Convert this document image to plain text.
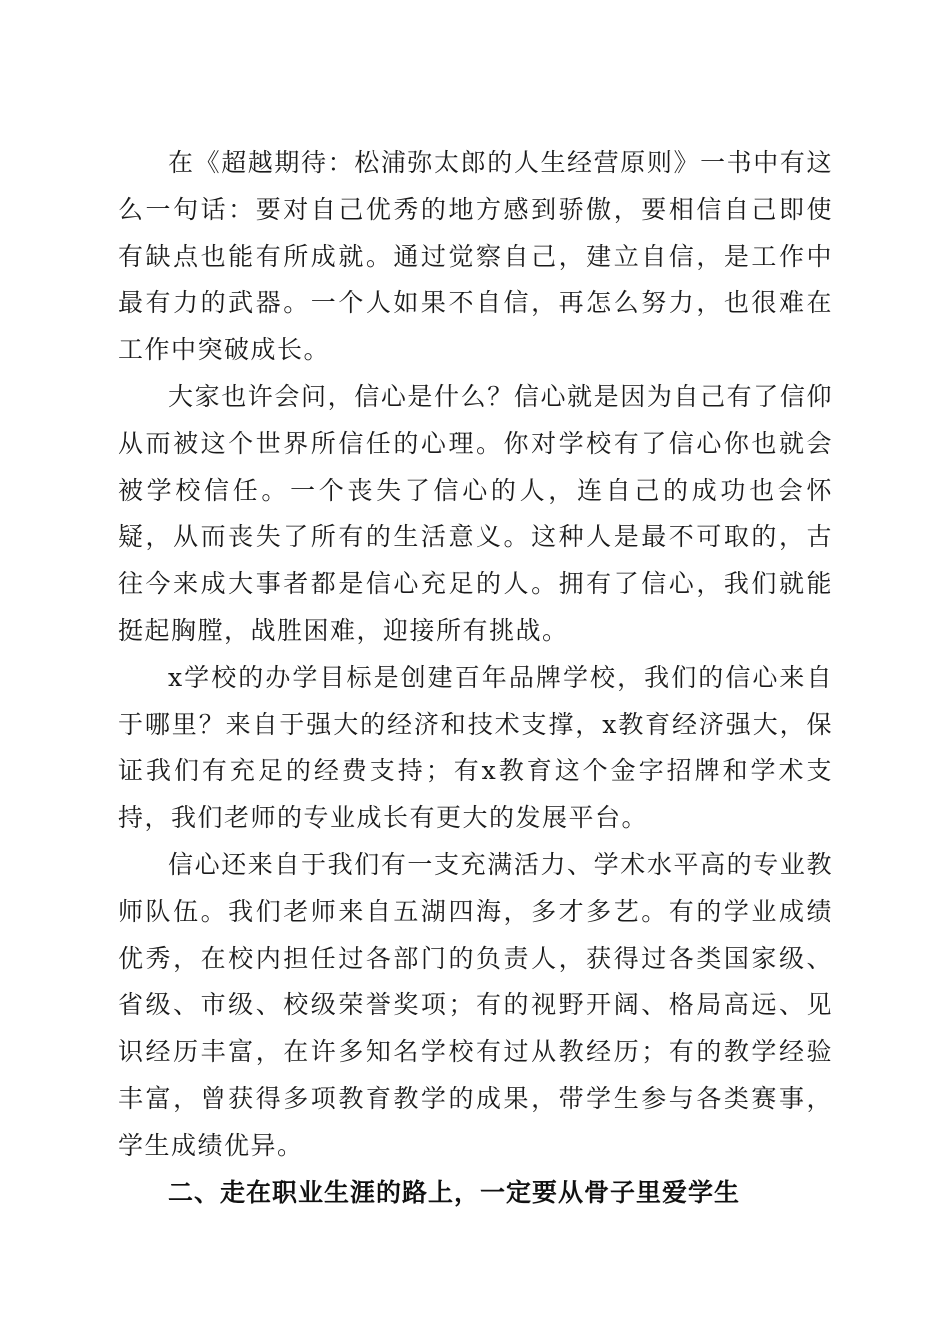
在《超越期待：松浦弥太郎的人生经营原则》一书中有这么一句话：要对自己优秀的地方感到骄傲，要相信自己即使有缺点也能有所成就。通过觉察自己，建立自信，是工作中最有力的武器。一个人如果不自信，再怎么努力，也很难在工作中突破成长。

大家也许会问，信心是什么？信心就是因为自己有了信仰从而被这个世界所信任的心理。你对学校有了信心你也就会被学校信任。一个丧失了信心的人，连自己的成功也会怀疑，从而丧失了所有的生活意义。这种人是最不可取的，古往今来成大事者都是信心充足的人。拥有了信心，我们就能挺起胸膛，战胜困难，迎接所有挑战。

x学校的办学目标是创建百年品牌学校，我们的信心来自于哪里？来自于强大的经济和技术支撑，x教育经济强大，保证我们有充足的经费支持；有x教育这个金字招牌和学术支持，我们老师的专业成长有更大的发展平台。

信心还来自于我们有一支充满活力、学术水平高的专业教师队伍。我们老师来自五湖四海，多才多艺。有的学业成绩优秀，在校内担任过各部门的负责人，获得过各类国家级、省级、市级、校级荣誉奖项；有的视野开阔、格局高远、见识经历丰富，在许多知名学校有过从教经历；有的教学经验丰富，曾获得多项教育教学的成果，带学生参与各类赛事，学生成绩优异。

二、走在职业生涯的路上，一定要从骨子里爱学生
